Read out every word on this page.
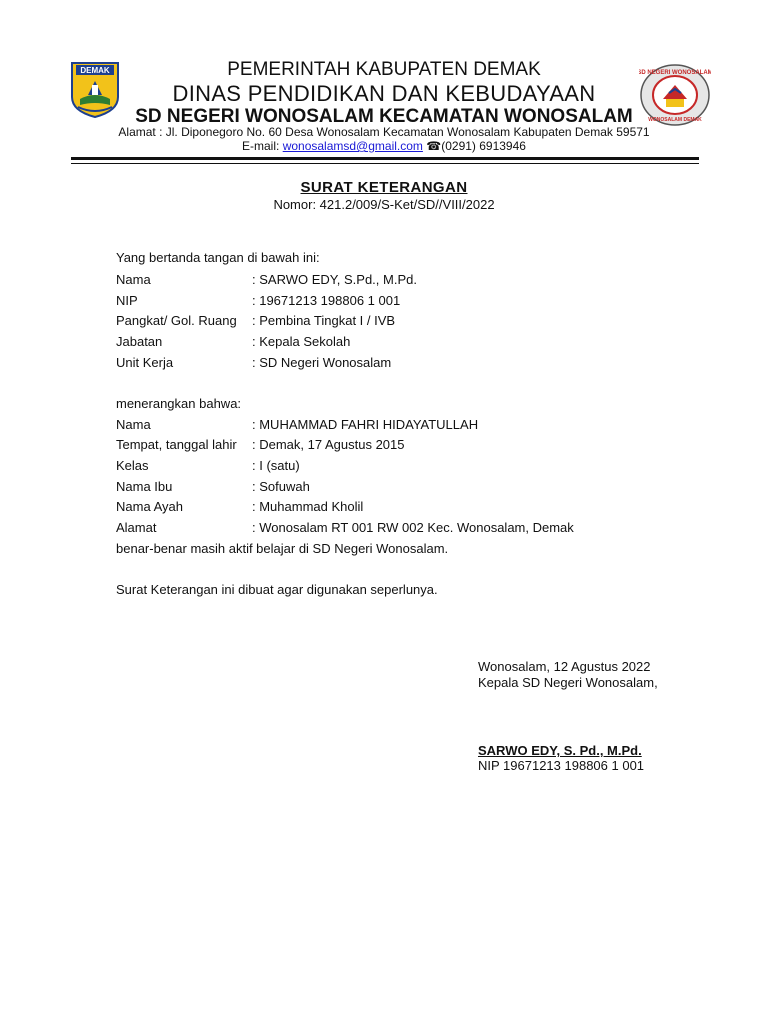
DEMAK	SD NEGERI WONOSALAM
WONOSALAM DEMAK
PEMERINTAH KABUPATEN DEMAK
DINAS PENDIDIKAN DAN KEBUDAYAAN
SD NEGERI WONOSALAM KECAMATAN WONOSALAM
Alamat : Jl. Diponegoro No. 60 Desa Wonosalam Kecamatan Wonosalam Kabupaten Demak 59571
E-mail: wonosalamsd@gmail.com ☎(0291) 6913946
SURAT KETERANGAN
Nomor: 421.2/009/S-Ket/SD//VIII/2022
Yang bertanda tangan di bawah ini:
Nama	: SARWO EDY, S.Pd., M.Pd.
NIP	: 19671213 198806 1 001
Pangkat/ Gol. Ruang : Pembina Tingkat I / IVB
Jabatan	: Kepala Sekolah
Unit Kerja	: SD Negeri Wonosalam
menerangkan bahwa:
Nama	: MUHAMMAD FAHRI HIDAYATULLAH
Tempat, tanggal lahir : Demak, 17 Agustus 2015
Kelas	: I (satu)
Nama Ibu	: Sofuwah
Nama Ayah	: Muhammad Kholil
Alamat	: Wonosalam RT 001 RW 002 Kec. Wonosalam, Demak
benar-benar masih aktif belajar di SD Negeri Wonosalam.
Surat Keterangan ini dibuat agar digunakan seperlunya.
Wonosalam, 12 Agustus 2022
Kepala SD Negeri Wonosalam,
SARWO EDY, S. Pd., M.Pd.
NIP 19671213 198806 1 001
